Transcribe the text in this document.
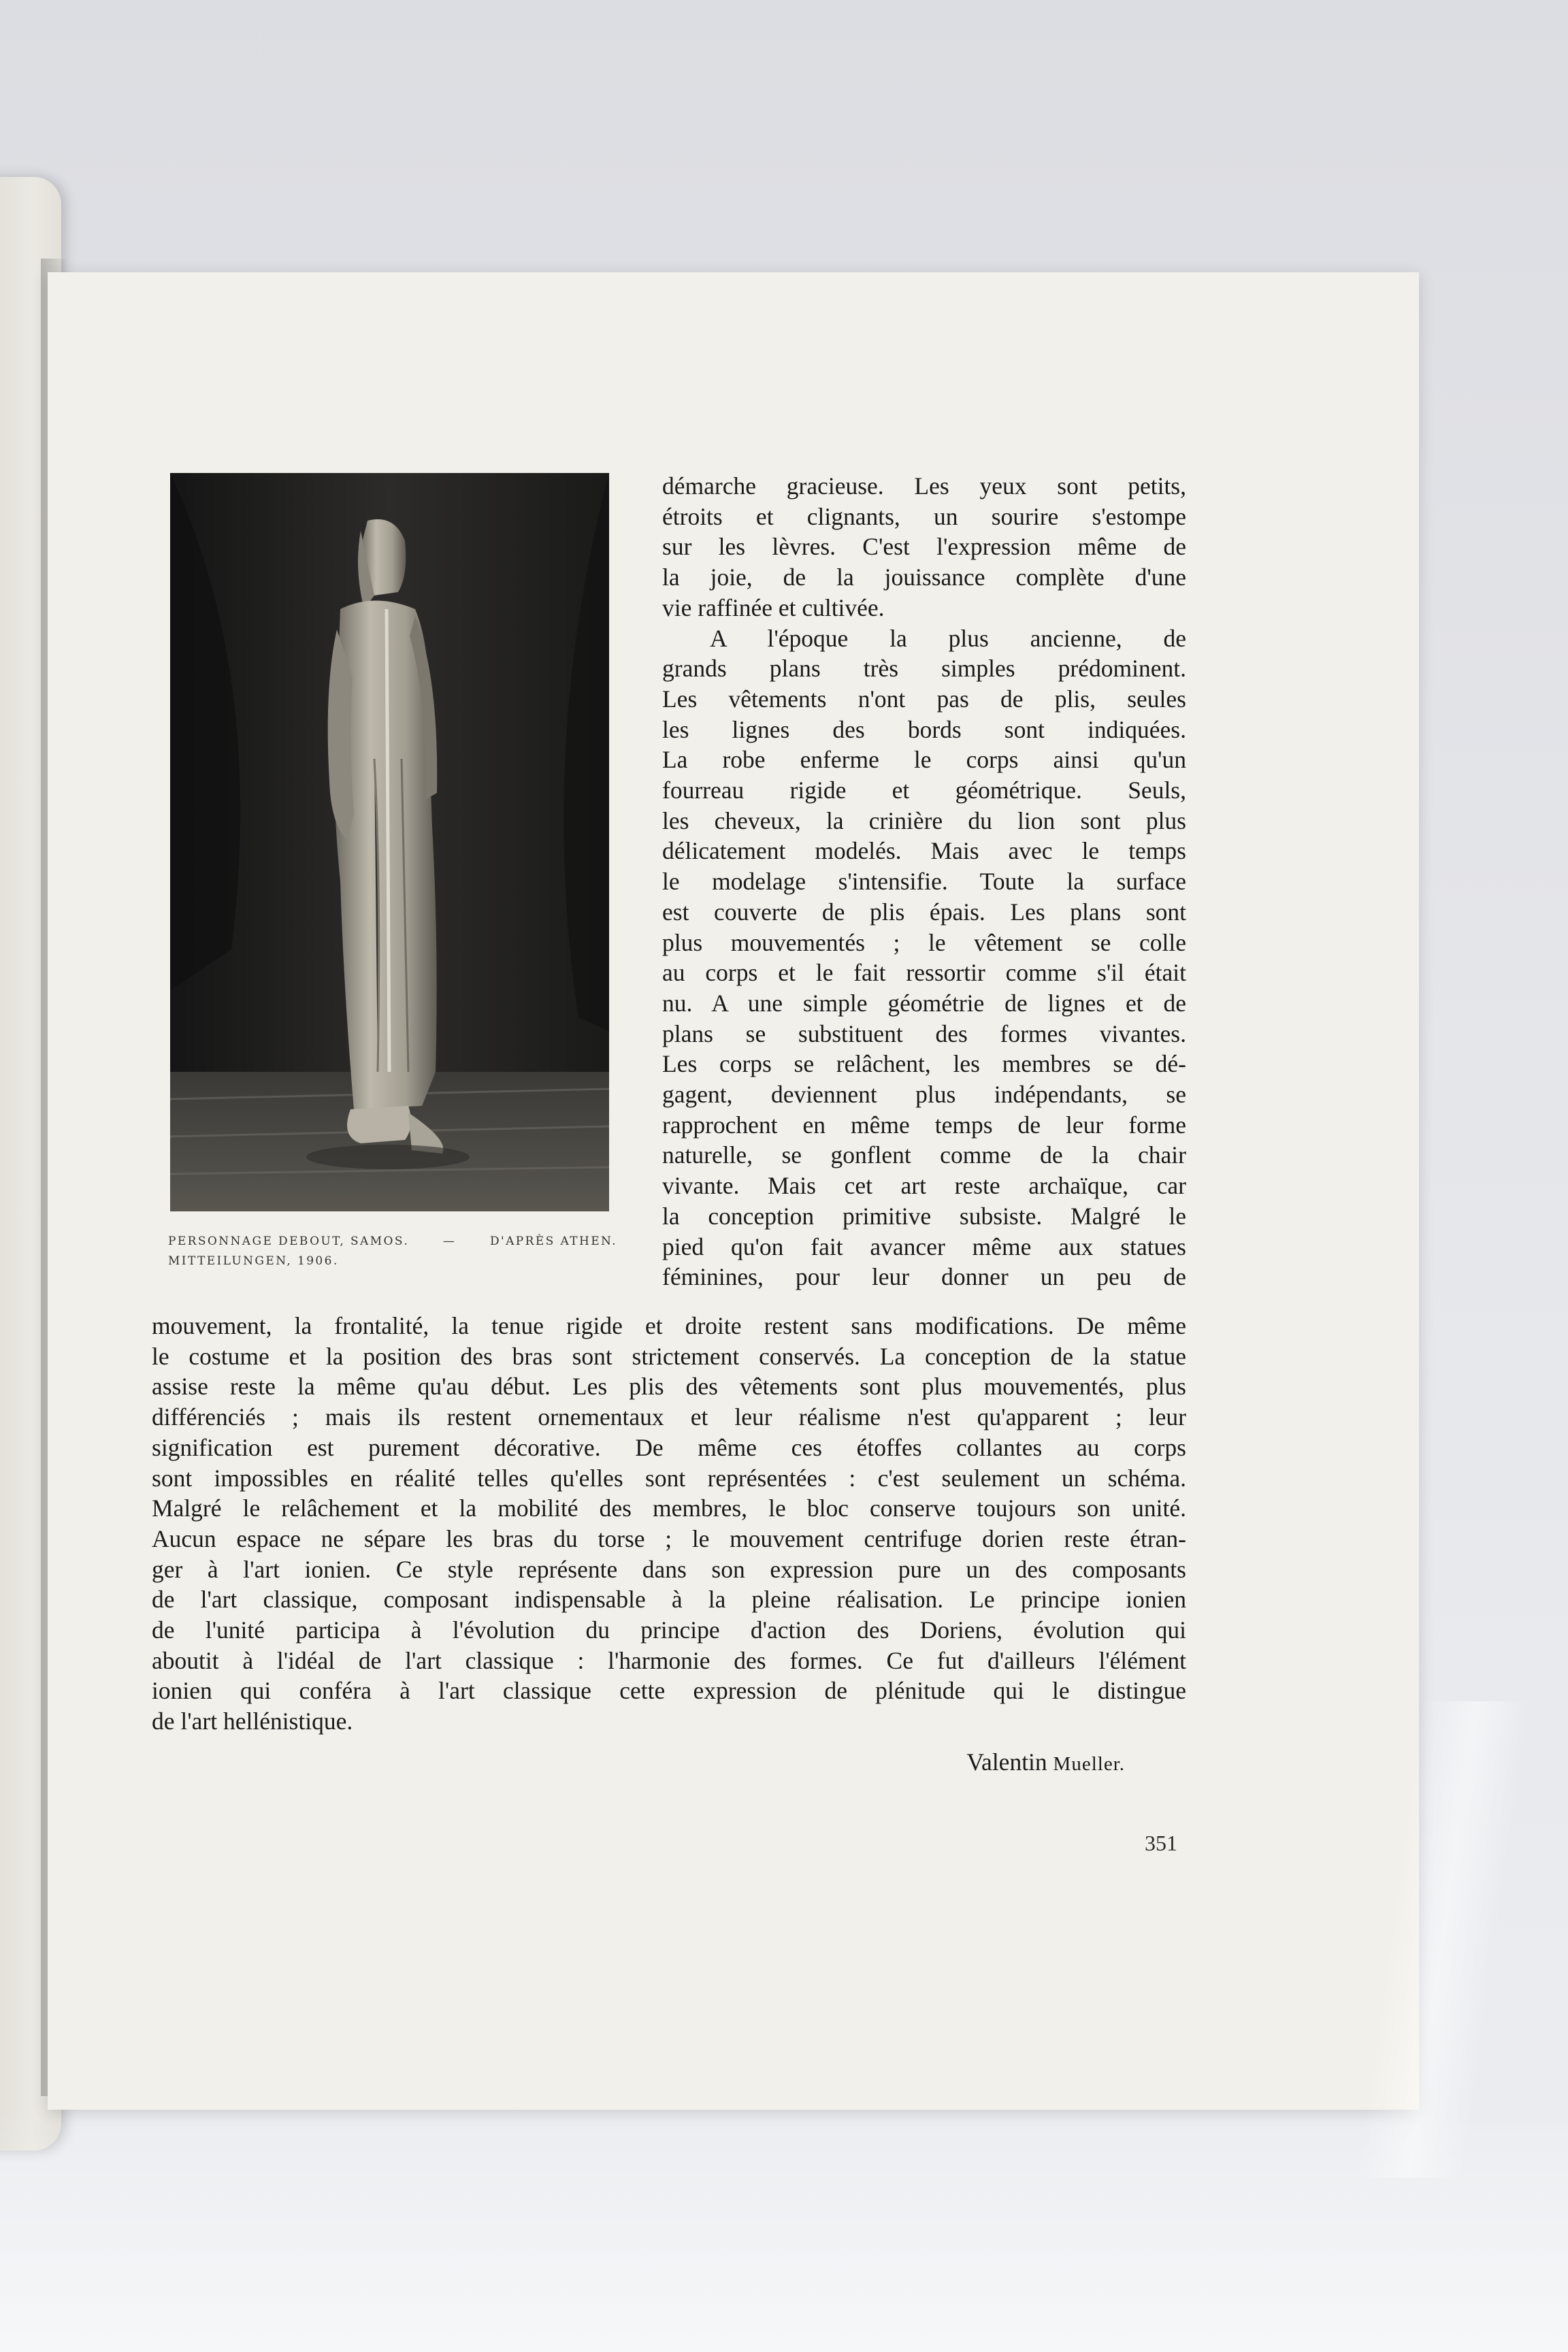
PERSONNAGE DEBOUT, SAMOS.	—	D'APRÈS ATHEN.
MITTEILUNGEN, 1906.
démarche gracieuse. Les yeux sont petits,
étroits et clignants, un sourire s'estompe
sur les lèvres. C'est l'expression même de
la joie, de la jouissance complète d'une
vie raffinée et cultivée.
A l'époque la plus ancienne, de
grands plans très simples prédominent.
Les vêtements n'ont pas de plis, seules
les lignes des bords sont indiquées.
La robe enferme le corps ainsi qu'un
fourreau rigide et géométrique. Seuls,
les cheveux, la crinière du lion sont plus
délicatement modelés. Mais avec le temps
le modelage s'intensifie. Toute la surface
est couverte de plis épais. Les plans sont
plus mouvementés ; le vêtement se colle
au corps et le fait ressortir comme s'il était
nu. A une simple géométrie de lignes et de
plans se substituent des formes vivantes.
Les corps se relâchent, les membres se dé-
gagent, deviennent plus indépendants, se
rapprochent en même temps de leur forme
naturelle, se gonflent comme de la chair
vivante. Mais cet art reste archaïque, car
la conception primitive subsiste. Malgré le
pied qu'on fait avancer même aux statues
féminines, pour leur donner un peu de
mouvement, la frontalité, la tenue rigide et droite restent sans modifications. De même
le costume et la position des bras sont strictement conservés. La conception de la statue
assise reste la même qu'au début. Les plis des vêtements sont plus mouvementés, plus
différenciés ; mais ils restent ornementaux et leur réalisme n'est qu'apparent ; leur
signification est purement décorative. De même ces étoffes collantes au corps
sont impossibles en réalité telles qu'elles sont représentées : c'est seulement un schéma.
Malgré le relâchement et la mobilité des membres, le bloc conserve toujours son unité.
Aucun espace ne sépare les bras du torse ; le mouvement centrifuge dorien reste étran-
ger à l'art ionien. Ce style représente dans son expression pure un des composants
de l'art classique, composant indispensable à la pleine réalisation. Le principe ionien
de l'unité participa à l'évolution du principe d'action des Doriens, évolution qui
aboutit à l'idéal de l'art classique : l'harmonie des formes. Ce fut d'ailleurs l'élément
ionien qui conféra à l'art classique cette expression de plénitude qui le distingue
de l'art hellénistique.
Valentin Mueller.
351
